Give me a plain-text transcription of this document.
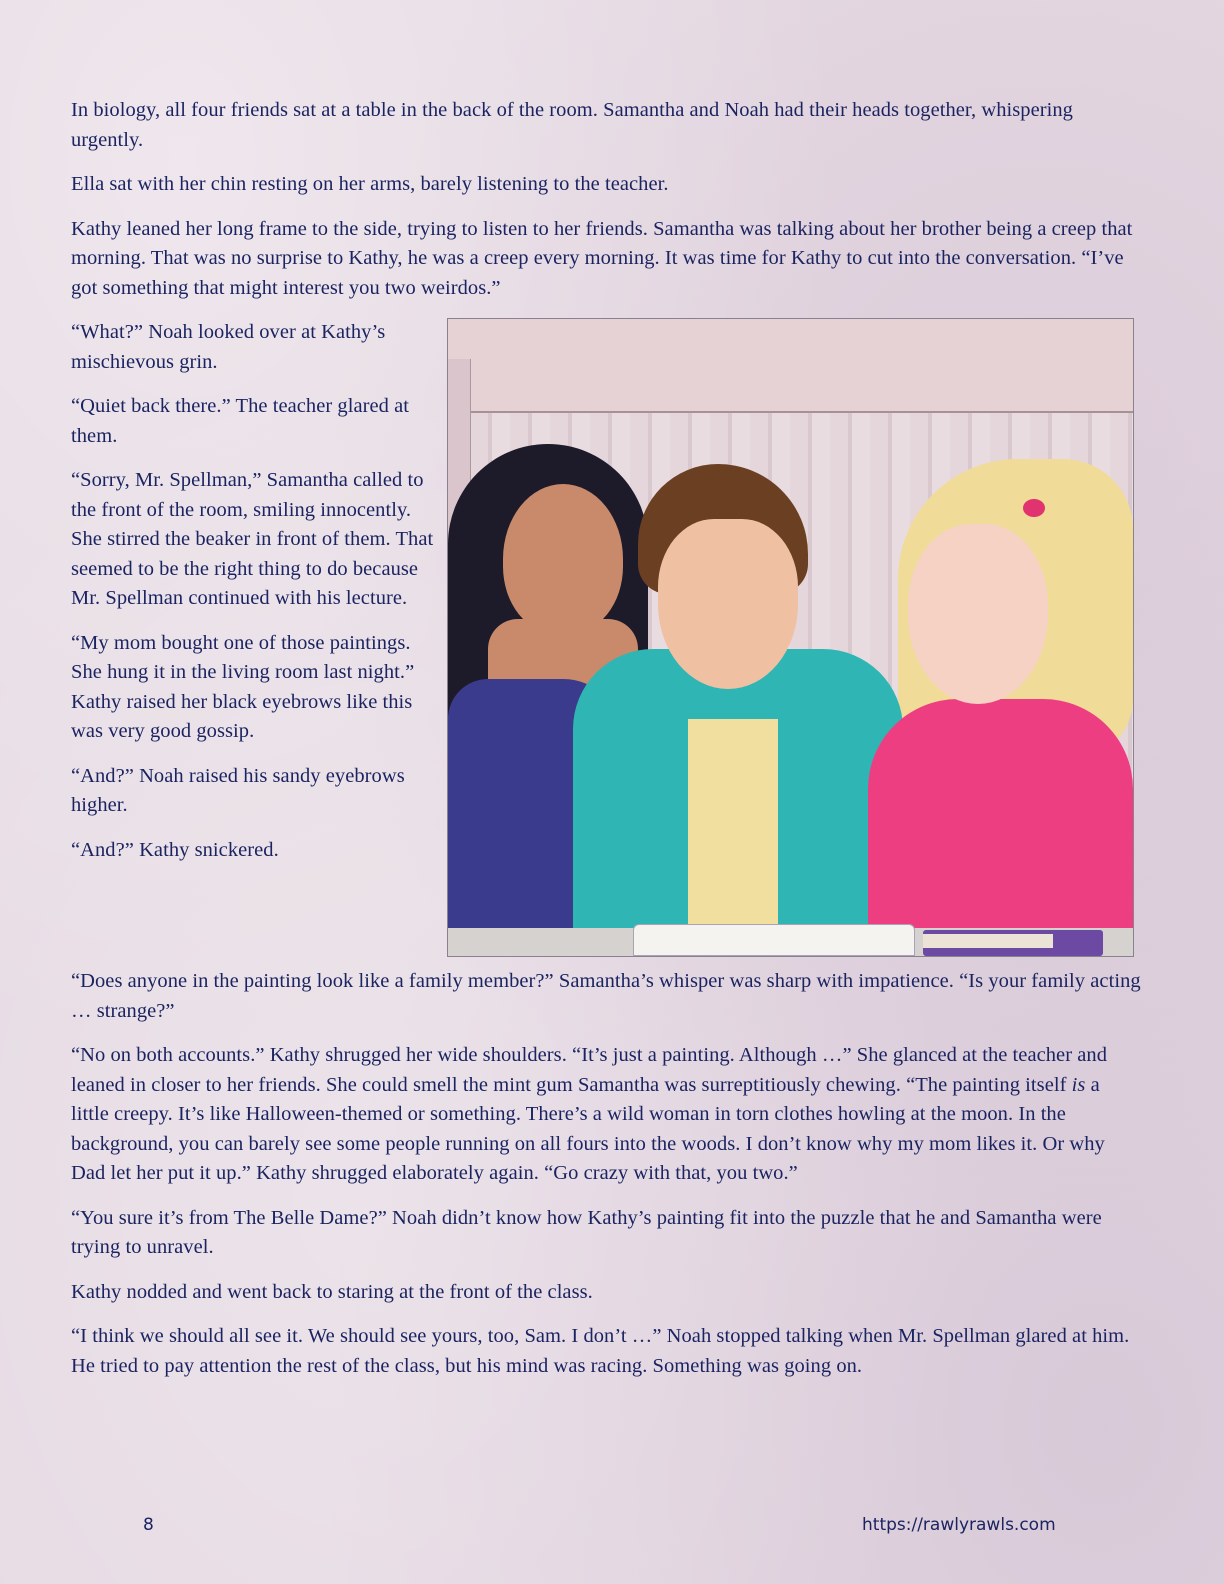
In biology, all four friends sat at a table in the back of the room. Samantha and Noah had their heads together, whispering urgently.

Ella sat with her chin resting on her arms, barely listening to the teacher.

Kathy leaned her long frame to the side, trying to listen to her friends. Samantha was talking about her brother being a creep that morning. That was no surprise to Kathy, he was a creep every morning. It was time for Kathy to cut into the conversation. “I’ve got something that might interest you two weirdos.”

“What?” Noah looked over at Kathy’s mischievous grin.

“Quiet back there.” The teacher glared at them.

“Sorry, Mr. Spellman,” Samantha called to the front of the room, smiling innocently. She stirred the beaker in front of them. That seemed to be the right thing to do because Mr. Spellman continued with his lecture.

“My mom bought one of those paintings. She hung it in the living room last night.” Kathy raised her black eyebrows like this was very good gossip.

“And?” Noah raised his sandy eyebrows higher.

“And?” Kathy snickered.

“Does anyone in the painting look like a family member?” Samantha’s whisper was sharp with impatience. “Is your family acting … strange?”

“No on both accounts.” Kathy shrugged her wide shoulders. “It’s just a painting. Although …” She glanced at the teacher and leaned in closer to her friends. She could smell the mint gum Samantha was surreptitiously chewing. “The painting itself is a little creepy. It’s like Halloween-themed or something. There’s a wild woman in torn clothes howling at the moon. In the background, you can barely see some people running on all fours into the woods. I don’t know why my mom likes it. Or why Dad let her put it up.” Kathy shrugged elaborately again. “Go crazy with that, you two.”

“You sure it’s from The Belle Dame?” Noah didn’t know how Kathy’s painting fit into the puzzle that he and Samantha were trying to unravel.

Kathy nodded and went back to staring at the front of the class.

“I think we should all see it. We should see yours, too, Sam. I don’t …” Noah stopped talking when Mr. Spellman glared at him. He tried to pay attention the rest of the class, but his mind was racing. Something was going on.

8	https://rawlyrawls.com
